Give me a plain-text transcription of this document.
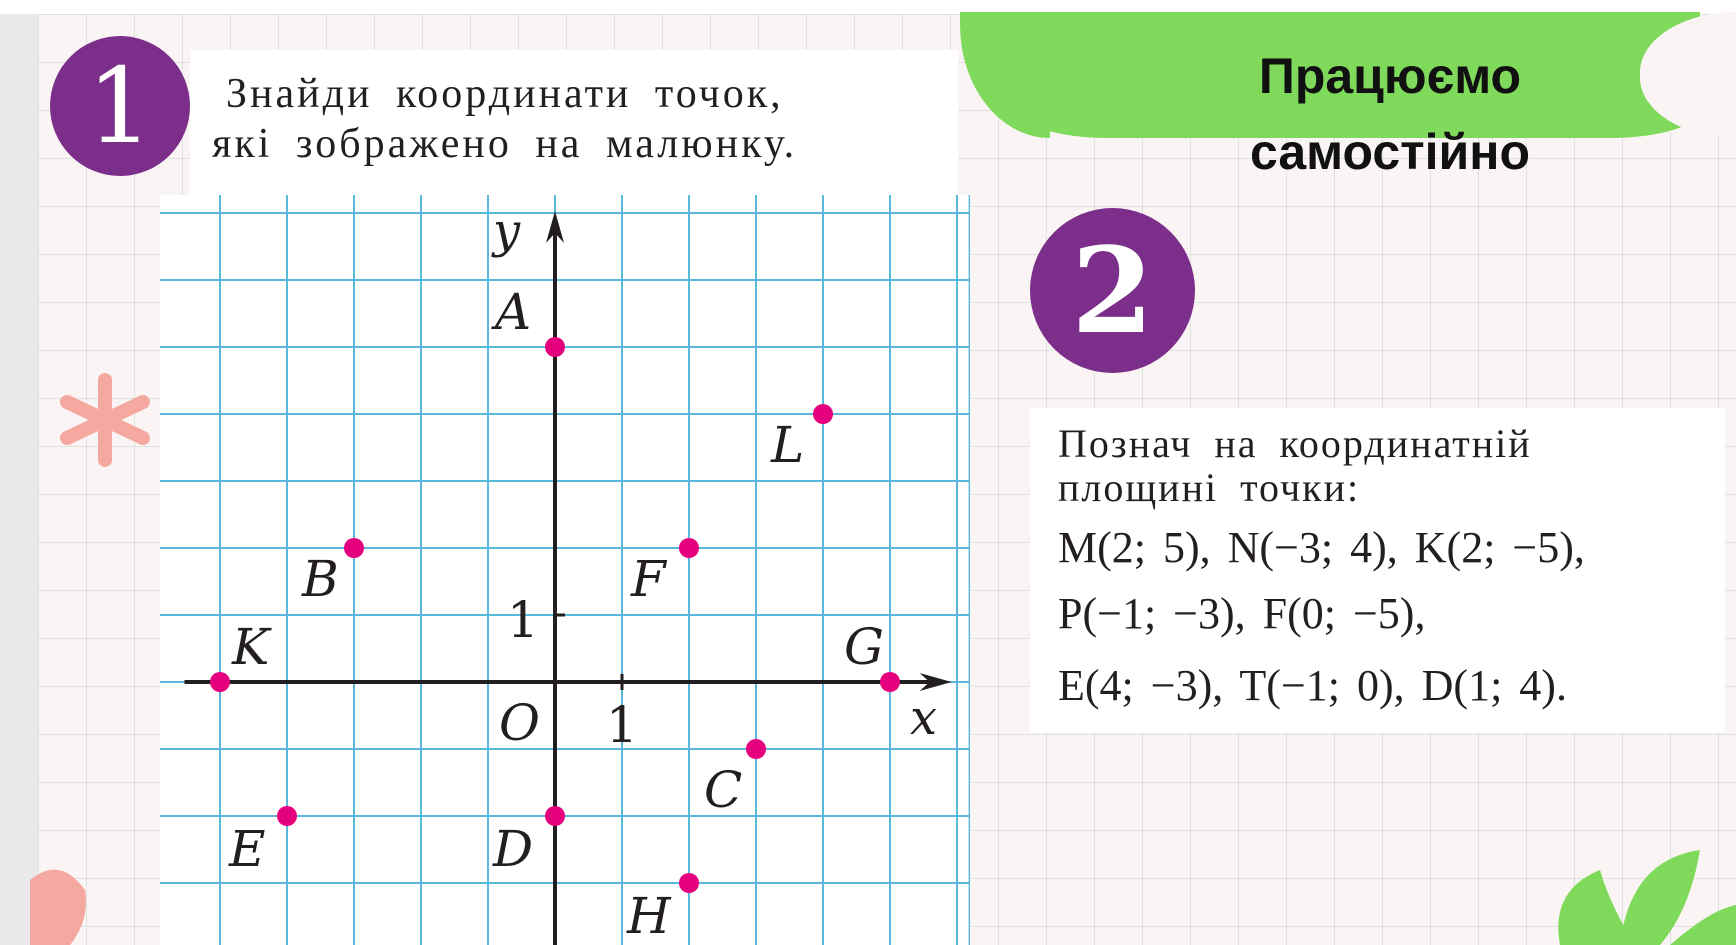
1 Знайди координати точок,
які зображено на малюнку.
Працюємо
самостійно
2
Познач на координатній
площині точки:
M(2; 5), N(−3; 4), K(2; −5),
P(−1; −3), F(0; −5),
E(4; −3), T(−1; 0), D(1; 4).
y
x
O 1
1
A
L
B	F
K	G
C
E	D
H
